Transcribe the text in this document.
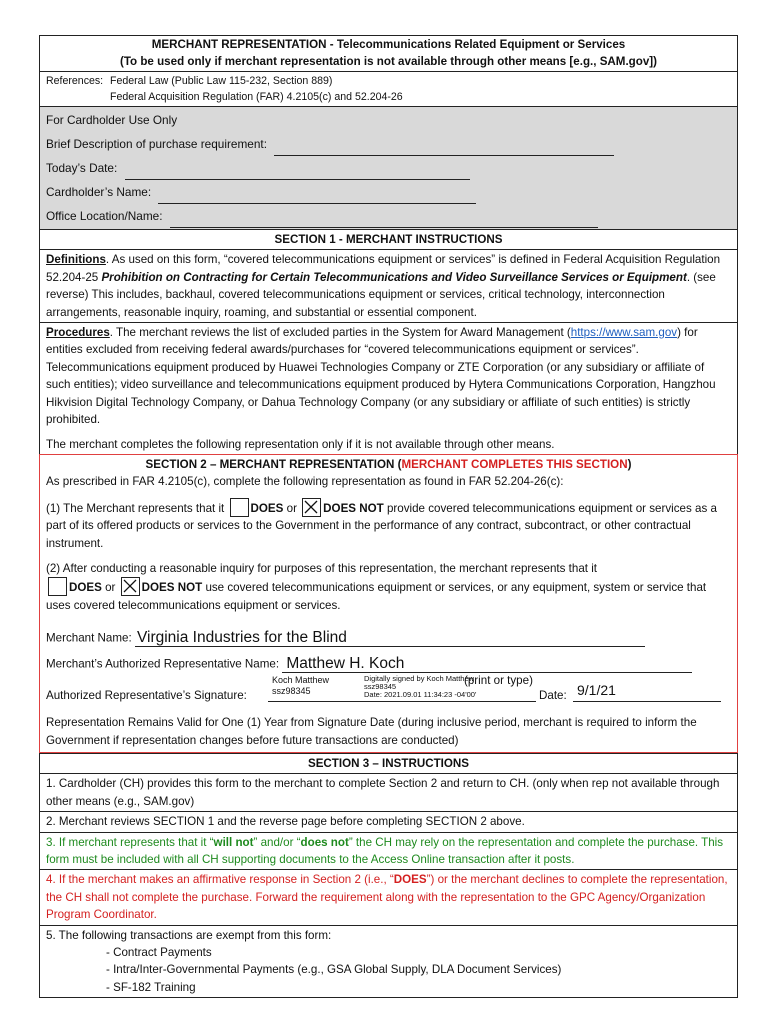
MERCHANT REPRESENTATION - Telecommunications Related Equipment or Services
(To be used only if merchant representation is not available through other means [e.g., SAM.gov])
References: Federal Law (Public Law 115-232, Section 889)
Federal Acquisition Regulation (FAR) 4.2105(c) and 52.204-26
For Cardholder Use Only
Brief Description of purchase requirement:
Today’s Date:
Cardholder’s Name:
Office Location/Name:
SECTION 1 - MERCHANT INSTRUCTIONS
Definitions. As used on this form, “covered telecommunications equipment or services” is defined in Federal Acquisition Regulation 52.204-25 Prohibition on Contracting for Certain Telecommunications and Video Surveillance Services or Equipment. (see reverse) This includes, backhaul, covered telecommunications equipment or services, critical technology, interconnection arrangements, reasonable inquiry, roaming, and substantial or essential component.

Procedures. The merchant reviews the list of excluded parties in the System for Award Management (https://www.sam.gov) for entities excluded from receiving federal awards/purchases for “covered telecommunications equipment or services”. Telecommunications equipment produced by Huawei Technologies Company or ZTE Corporation (or any subsidiary or affiliate of such entities); video surveillance and telecommunications equipment produced by Hytera Communications Corporation, Hangzhou Hikvision Digital Technology Company, or Dahua Technology Company (or any subsidiary or affiliate of such entities) is strictly prohibited.

The merchant completes the following representation only if it is not available through other means.

SECTION 2 – MERCHANT REPRESENTATION (MERCHANT COMPLETES THIS SECTION)
As prescribed in FAR 4.2105(c), complete the following representation as found in FAR 52.204-26(c):

(1) The Merchant represents that it DOES or DOES NOT provide covered telecommunications equipment or services as a part of its offered products or services to the Government in the performance of any contract, subcontract, or other contractual instrument.

(2) After conducting a reasonable inquiry for purposes of this representation, the merchant represents that it
DOES or DOES NOT use covered telecommunications equipment or services, or any equipment, system or service that uses covered telecommunications equipment or services.

Merchant Name: Virginia Industries for the Blind
Merchant’s Authorized Representative Name: Matthew H. Koch
Authorized Representative’s Signature:
Koch Matthew
ssz98345
Digitally signed by Koch Matthew
ssz98345
Date: 2021.09.01 11:34:23 -04'00'
(print or type)
Date: 9/1/21

Representation Remains Valid for One (1) Year from Signature Date (during inclusive period, merchant is required to inform the Government if representation changes before future transactions are conducted)

SECTION 3 – INSTRUCTIONS
1. Cardholder (CH) provides this form to the merchant to complete Section 2 and return to CH. (only when rep not available through other means (e.g., SAM.gov)
2. Merchant reviews SECTION 1 and the reverse page before completing SECTION 2 above.
3. If merchant represents that it “will not” and/or “does not” the CH may rely on the representation and complete the purchase. This form must be included with all CH supporting documents to the Access Online transaction after it posts.
4. If the merchant makes an affirmative response in Section 2 (i.e., “DOES”) or the merchant declines to complete the representation, the CH shall not complete the purchase. Forward the requirement along with the representation to the GPC Agency/Organization Program Coordinator.
5. The following transactions are exempt from this form:
- Contract Payments
- Intra/Inter-Governmental Payments (e.g., GSA Global Supply, DLA Document Services)
- SF-182 Training
